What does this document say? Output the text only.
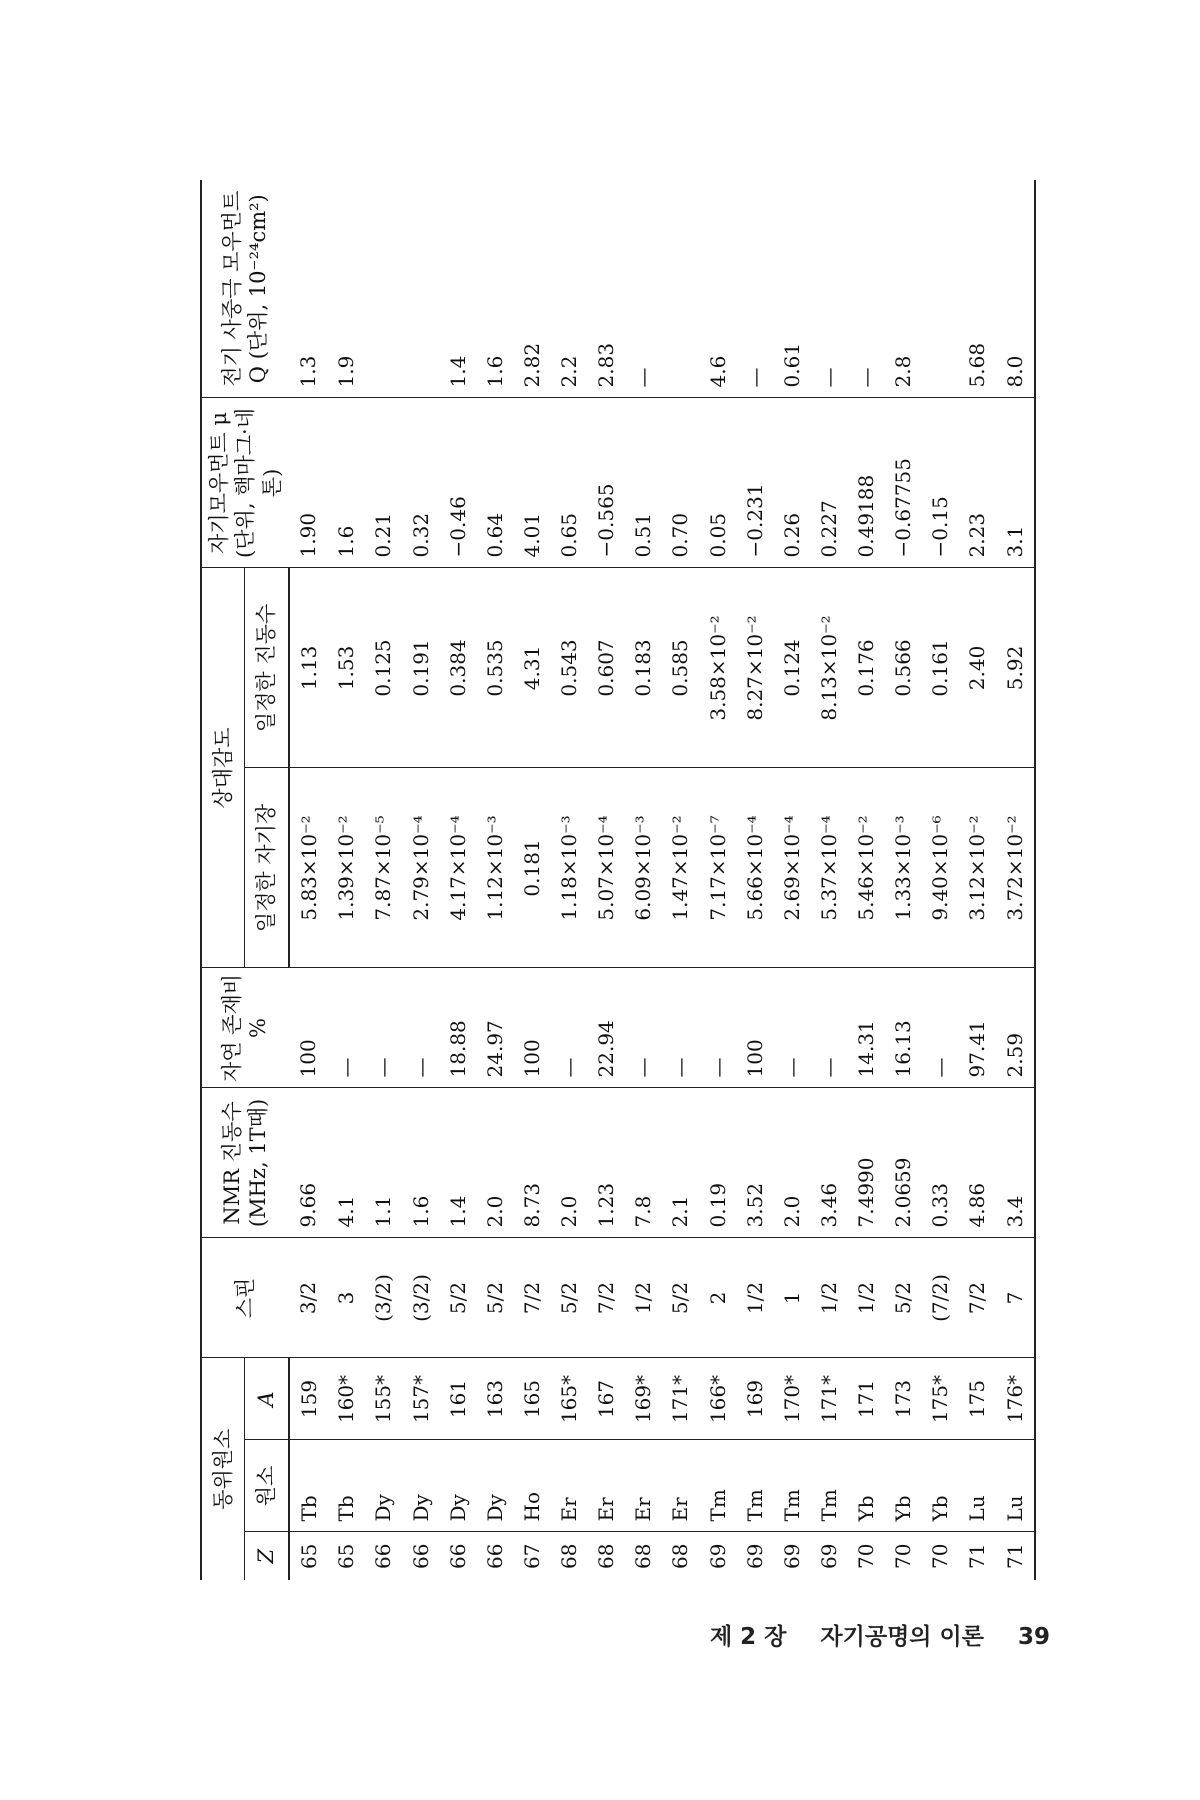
동위원소			스핀	NMR 진동수 (MHz, 1T때)	자연 존재비 %	상대감도		자기모우먼트 μ (단위, 핵마그·네톤)	전기 사중극 모우먼트 Q (단위, 10⁻²⁴cm²)
Z	원소	A				일정한 자기장	일정한 진동수		
65	Tb	159	3/2	9.66	100	5.83×10⁻²	1.13	1.90	1.3
65	Tb	160*	3	4.1	—	1.39×10⁻²	1.53	1.6	1.9
66	Dy	155*	(3/2)	1.1	—	7.87×10⁻⁵	0.125	0.21	
66	Dy	157*	(3/2)	1.6	—	2.79×10⁻⁴	0.191	0.32	
66	Dy	161	5/2	1.4	18.88	4.17×10⁻⁴	0.384	−0.46	1.4
66	Dy	163	5/2	2.0	24.97	1.12×10⁻³	0.535	0.64	1.6
67	Ho	165	7/2	8.73	100	0.181	4.31	4.01	2.82
68	Er	165*	5/2	2.0	—	1.18×10⁻³	0.543	0.65	2.2
68	Er	167	7/2	1.23	22.94	5.07×10⁻⁴	0.607	−0.565	2.83
68	Er	169*	1/2	7.8	—	6.09×10⁻³	0.183	0.51	—
68	Er	171*	5/2	2.1	—	1.47×10⁻²	0.585	0.70	
69	Tm	166*	2	0.19	—	7.17×10⁻⁷	3.58×10⁻²	0.05	4.6
69	Tm	169	1/2	3.52	100	5.66×10⁻⁴	8.27×10⁻²	−0.231	—
69	Tm	170*	1	2.0	—	2.69×10⁻⁴	0.124	0.26	0.61
69	Tm	171*	1/2	3.46	—	5.37×10⁻⁴	8.13×10⁻²	0.227	—
70	Yb	171	1/2	7.4990	14.31	5.46×10⁻²	0.176	0.49188	—
70	Yb	173	5/2	2.0659	16.13	1.33×10⁻³	0.566	−0.67755	2.8
70	Yb	175*	(7/2)	0.33	—	9.40×10⁻⁶	0.161	−0.15	
71	Lu	175	7/2	4.86	97.41	3.12×10⁻²	2.40	2.23	5.68
71	Lu	176*	7	3.4	2.59	3.72×10⁻²	5.92	3.1	8.0
제 2 장 자기공명의 이론 39
